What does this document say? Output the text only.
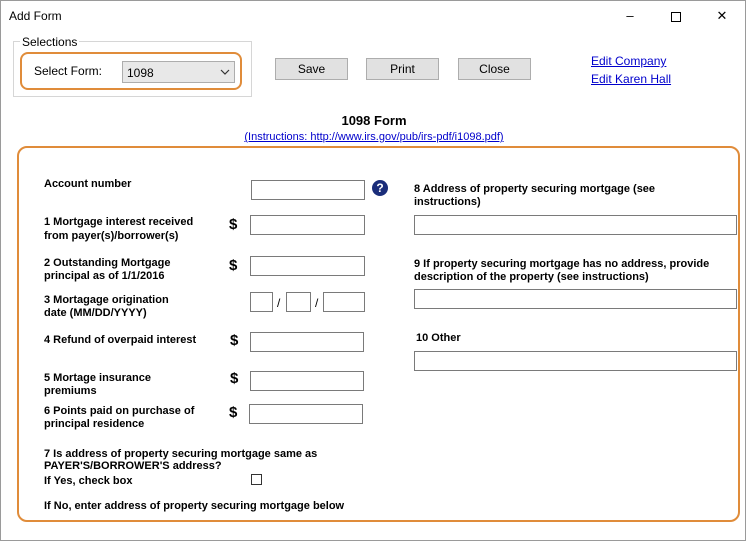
Add Form	–	✕
Selections
Select Form: 1098	Save	Print	Close
Edit Company
Edit Karen Hall
1098 Form
(Instructions: http://www.irs.gov/pub/irs-pdf/i1098.pdf)
Account number	?
1 Mortgage interest received
from payer(s)/borrower(s)
$
2 Outstanding Mortgage
principal as of 1/1/2016
$
3 Mortagage origination
date (MM/DD/YYYY)
/	/
4 Refund of overpaid interest $
5 Mortage insurance
premiums
$
6 Points paid on purchase of
principal residence
$
7 Is address of property securing mortgage same as
PAYER'S/BORROWER'S address?
If Yes, check box
If No, enter address of property securing mortgage below
8 Address of property securing mortgage (see
instructions)
9 If property securing mortgage has no address, provide
description of the property (see instructions)
10 Other
